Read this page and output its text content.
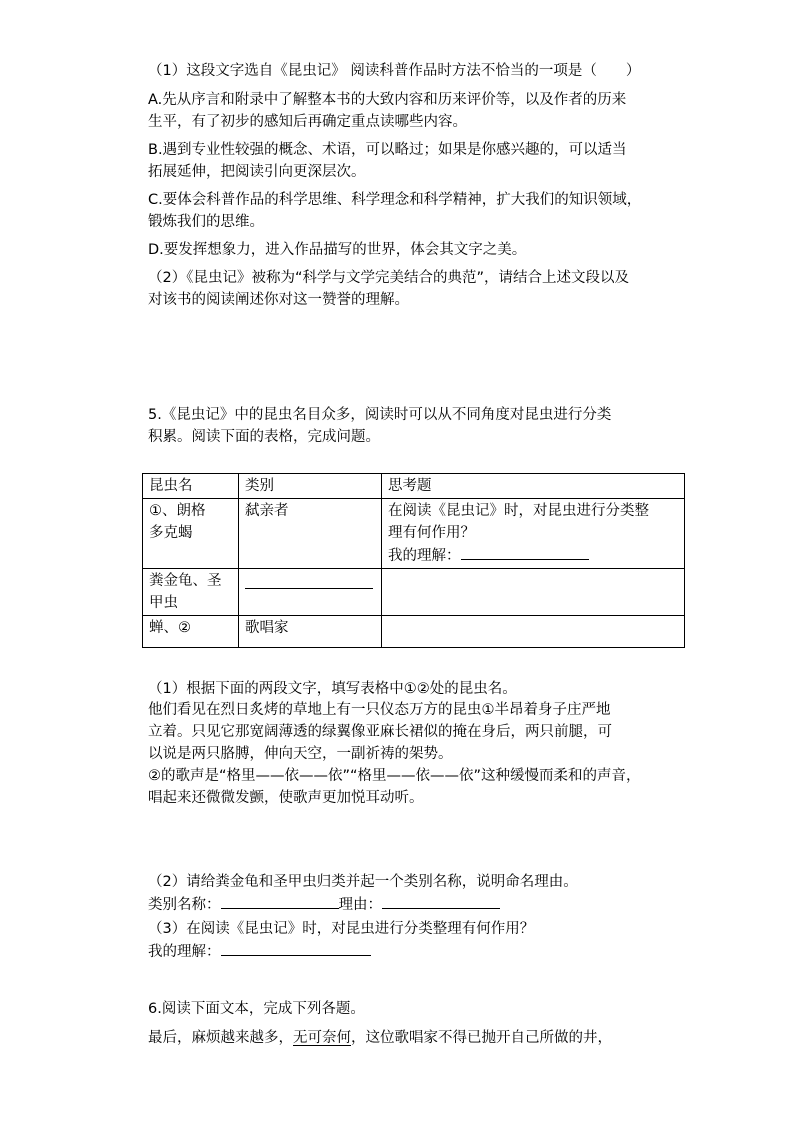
（1）这段文字选自《昆虫记》 阅读科普作品时方法不恰当的一项是（　　）
A.先从序言和附录中了解整本书的大致内容和历来评价等，以及作者的历来
生平，有了初步的感知后再确定重点读哪些内容。
B.遇到专业性较强的概念、术语，可以略过；如果是你感兴趣的，可以适当
拓展延伸，把阅读引向更深层次。
C.要体会科普作品的科学思维、科学理念和科学精神，扩大我们的知识领域，
锻炼我们的思维。
D.要发挥想象力，进入作品描写的世界，体会其文字之美。
（2）《昆虫记》被称为“科学与文学完美结合的典范”，请结合上述文段以及
对该书的阅读阐述你对这一赞誉的理解。
5.《昆虫记》中的昆虫名目众多，阅读时可以从不同角度对昆虫进行分类
积累。阅读下面的表格，完成问题。
昆虫名	类别	思考题

①、朗格
多克蝎	弑亲者	在阅读《昆虫记》时，对昆虫进行分类整
理有何作用？
我的理解：

粪金龟、圣
甲虫		

蝉、②	歌唱家	
（1）根据下面的两段文字，填写表格中①②处的昆虫名。
他们看见在烈日炙烤的草地上有一只仪态万方的昆虫①半昂着身子庄严地
立着。只见它那宽阔薄透的绿翼像亚麻长裙似的掩在身后，两只前腿，可
以说是两只胳膊，伸向天空，一副祈祷的架势。
②的歌声是“格里——依——依”“格里——依——依”这种缓慢而柔和的声音，
唱起来还微微发颤，使歌声更加悦耳动听。
（2）请给粪金龟和圣甲虫归类并起一个类别名称，说明命名理由。
类别名称：	理由：
（3）在阅读《昆虫记》时，对昆虫进行分类整理有何作用？
我的理解：
6.阅读下面文本，完成下列各题。
最后，麻烦越来越多，无可奈何，这位歌唱家不得已抛开自己所做的井，
